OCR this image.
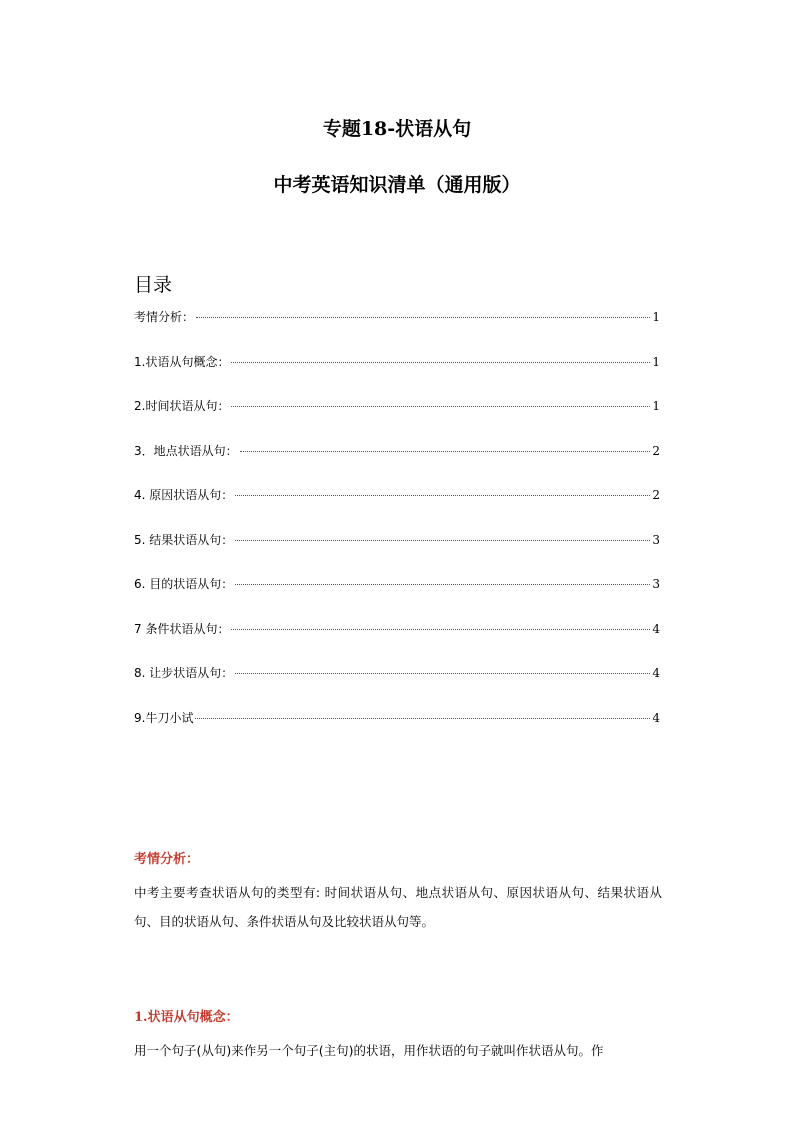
专题18-状语从句
中考英语知识清单（通用版）
目录
考情分析：	1
1.状语从句概念：	1
2.时间状语从句：	1
3．地点状语从句：	2
4. 原因状语从句：	2
5. 结果状语从句：	3
6. 目的状语从句：	3
7 条件状语从句：	4
8. 让步状语从句：	4
9.牛刀小试	4
考情分析：
中考主要考查状语从句的类型有: 时间状语从句、地点状语从句、原因状语从句、结果状语从句、目的状语从句、条件状语从句及比较状语从句等。
1.状语从句概念：
用一个句子(从句)来作另一个句子(主句)的状语，用作状语的句子就叫作状语从句。作
